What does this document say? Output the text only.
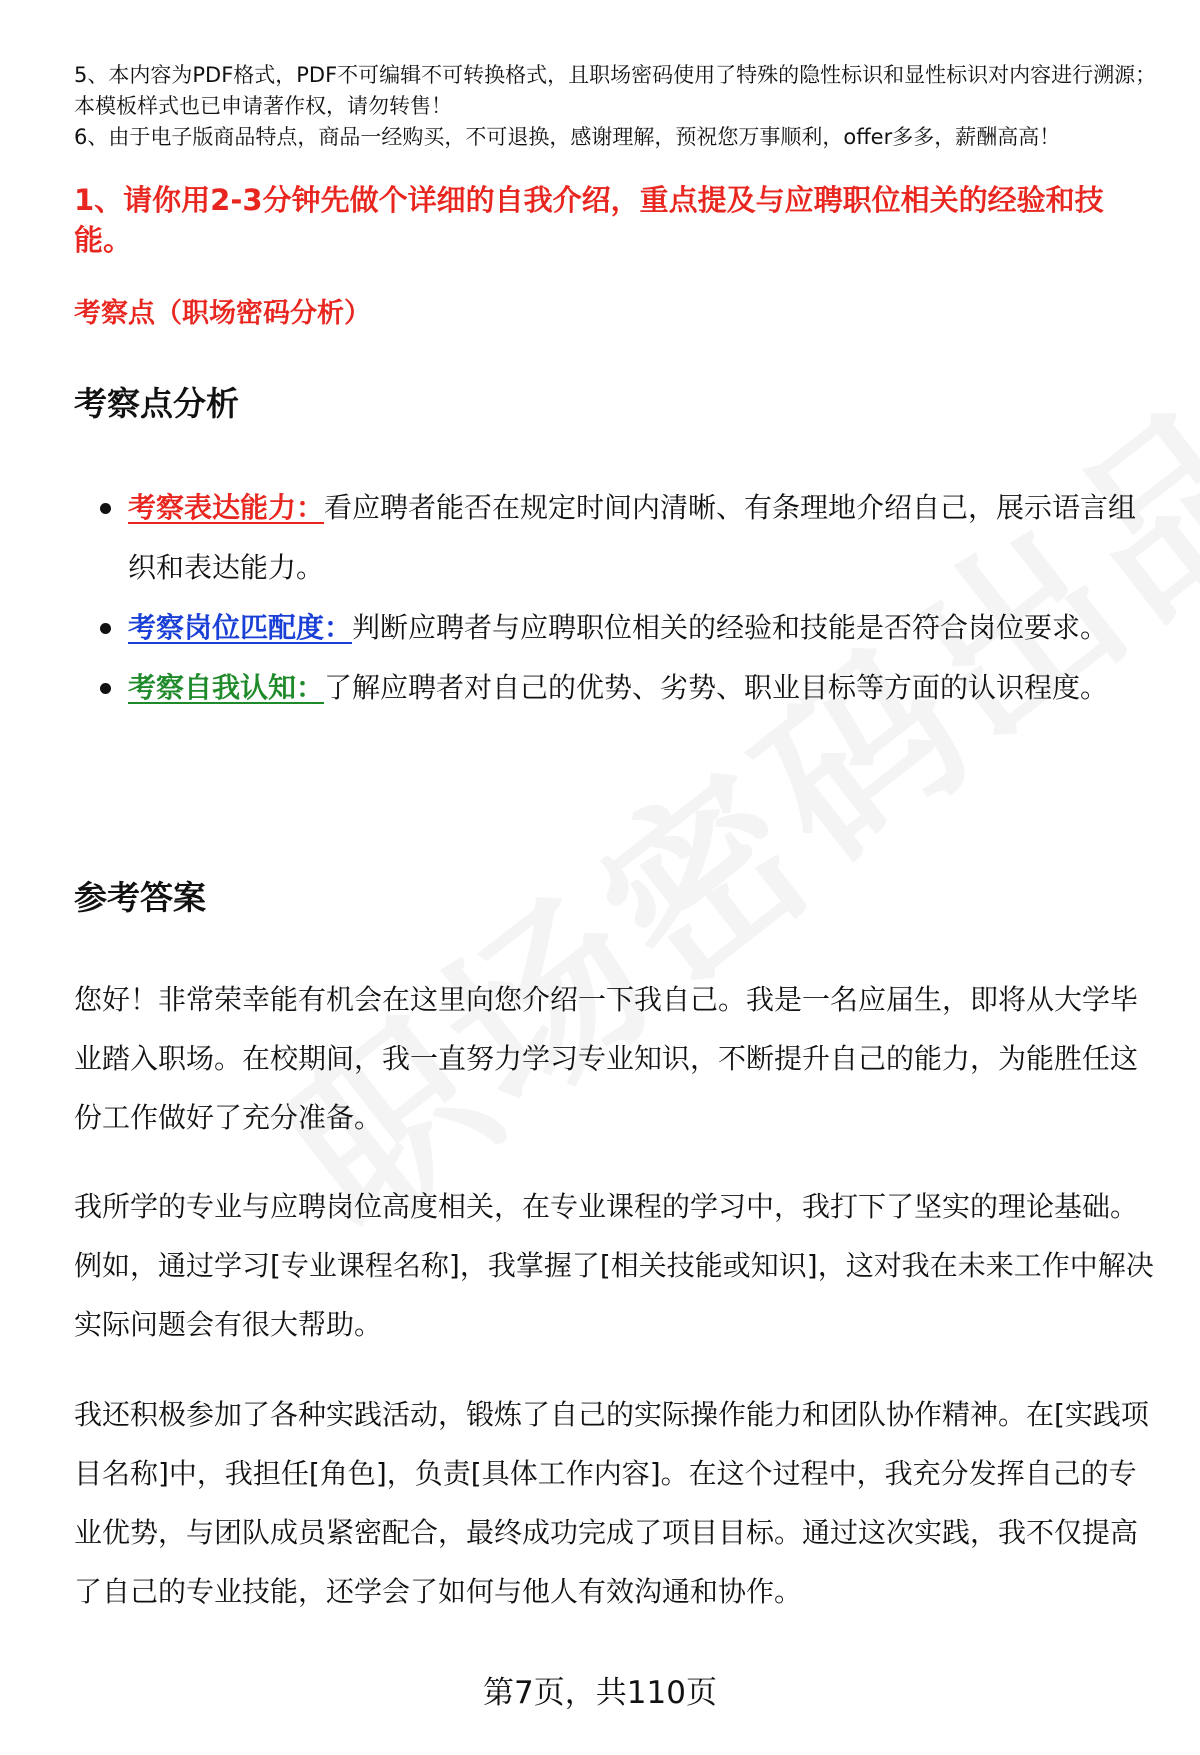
5、本内容为PDF格式，PDF不可编辑不可转换格式，且职场密码使用了特殊的隐性标识和显性标识对内容进行溯源；本模板样式也已申请著作权，请勿转售！

6、由于电子版商品特点，商品一经购买，不可退换，感谢理解，预祝您万事顺利，offer多多，薪酬高高！

1、请你用2-3分钟先做个详细的自我介绍，重点提及与应聘职位相关的经验和技能。
考察点（职场密码分析）
考察点分析
考察表达能力：看应聘者能否在规定时间内清晰、有条理地介绍自己，展示语言组织和表达能力。
考察岗位匹配度：判断应聘者与应聘职位相关的经验和技能是否符合岗位要求。
考察自我认知：了解应聘者对自己的优势、劣势、职业目标等方面的认识程度。
参考答案

您好！非常荣幸能有机会在这里向您介绍一下我自己。我是一名应届生，即将从大学毕业踏入职场。在校期间，我一直努力学习专业知识，不断提升自己的能力，为能胜任这份工作做好了充分准备。

我所学的专业与应聘岗位高度相关，在专业课程的学习中，我打下了坚实的理论基础。例如，通过学习[专业课程名称]，我掌握了[相关技能或知识]，这对我在未来工作中解决实际问题会有很大帮助。

我还积极参加了各种实践活动，锻炼了自己的实际操作能力和团队协作精神。在[实践项目名称]中，我担任[角色]，负责[具体工作内容]。在这个过程中，我充分发挥自己的专业优势，与团队成员紧密配合，最终成功完成了项目目标。通过这次实践，我不仅提高了自己的专业技能，还学会了如何与他人有效沟通和协作。

第7页，共110页
